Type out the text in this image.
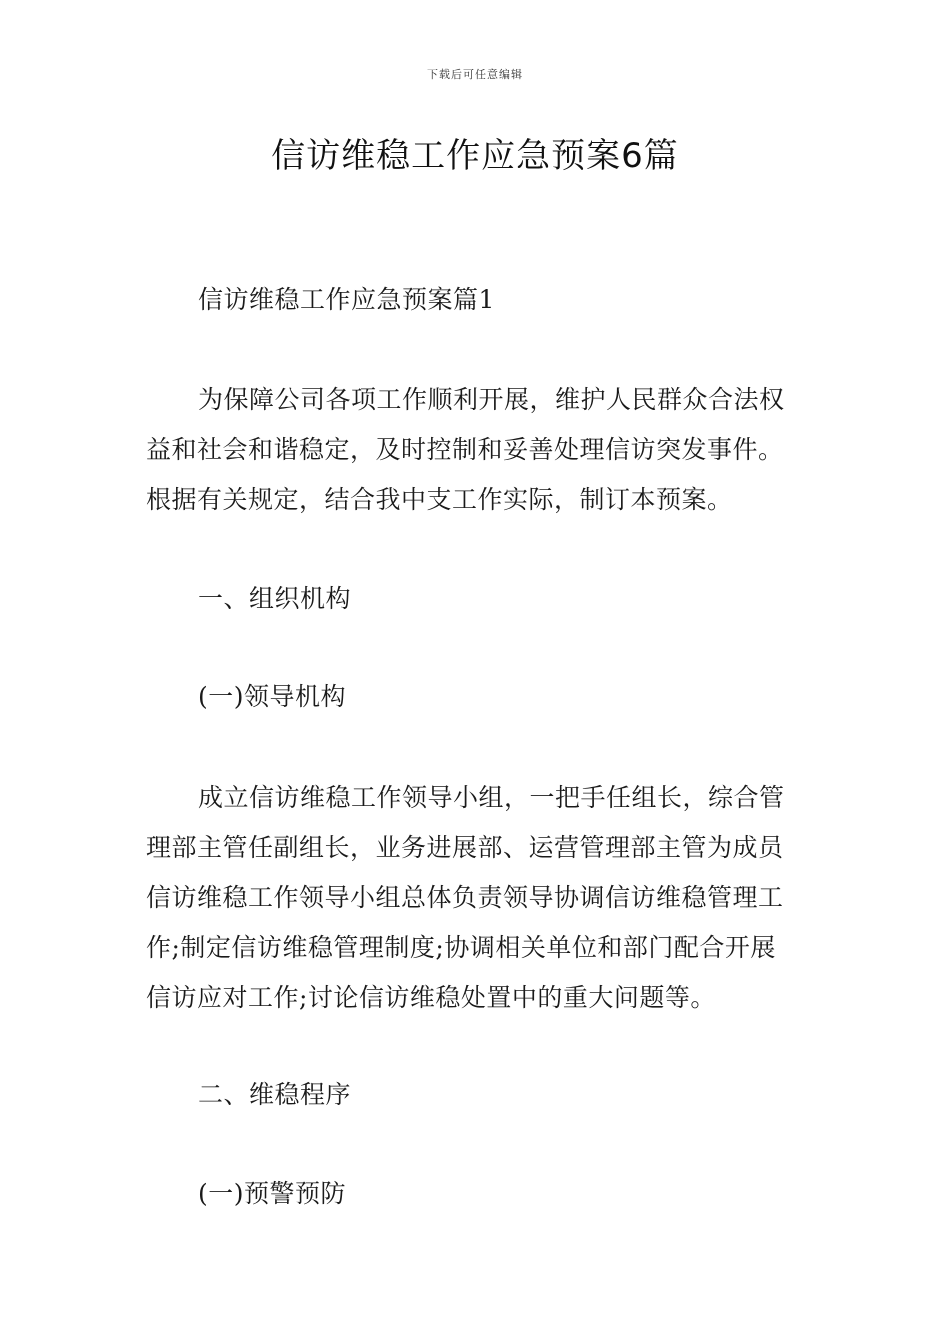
下载后可任意编辑
信访维稳工作应急预案6篇

信访维稳工作应急预案篇1

为保障公司各项工作顺利开展，维护人民群众合法权
益和社会和谐稳定，及时控制和妥善处理信访突发事件。
根据有关规定，结合我中支工作实际，制订本预案。

一、组织机构

(一)领导机构

成立信访维稳工作领导小组，一把手任组长，综合管
理部主管任副组长，业务进展部、运营管理部主管为成员
信访维稳工作领导小组总体负责领导协调信访维稳管理工
作;制定信访维稳管理制度;协调相关单位和部门配合开展
信访应对工作;讨论信访维稳处置中的重大问题等。

二、维稳程序

(一)预警预防
